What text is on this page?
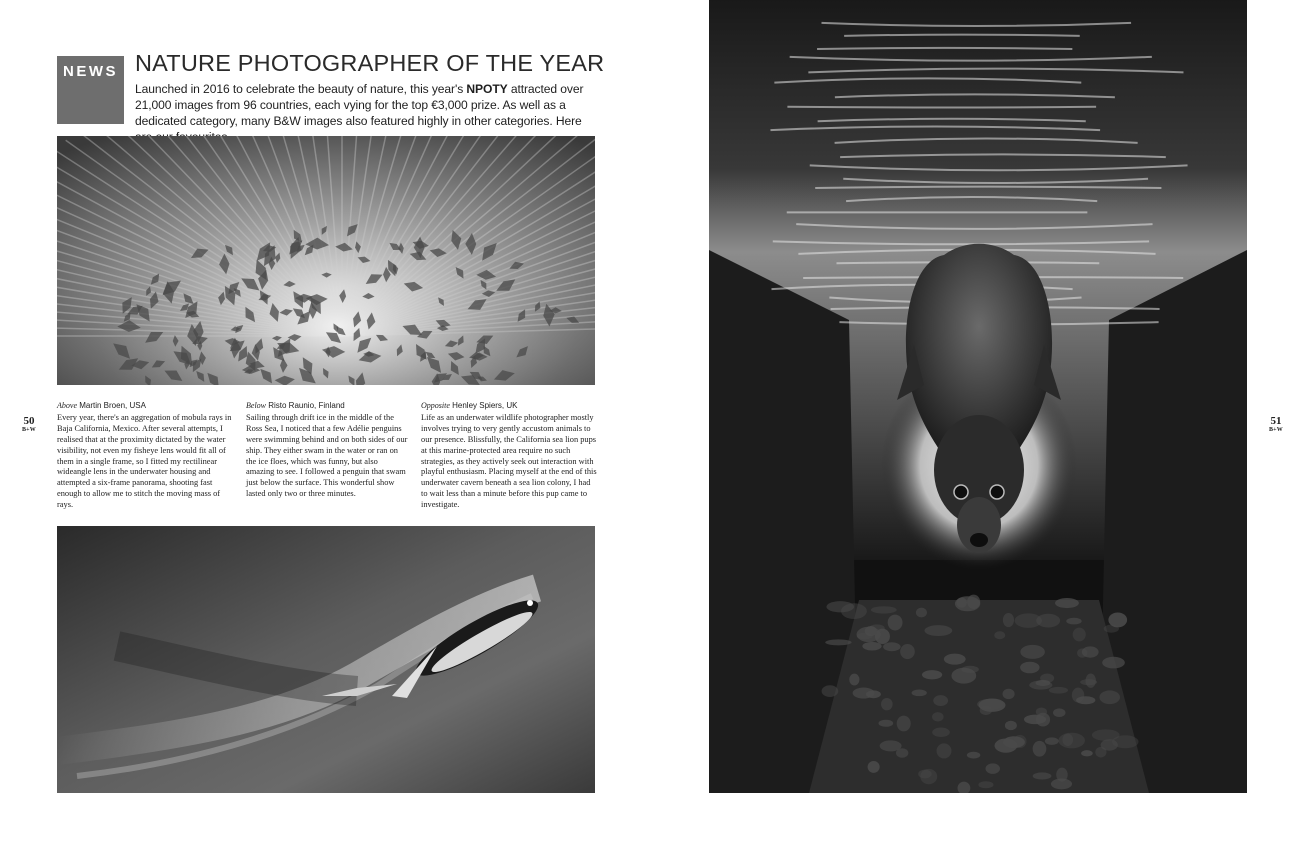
NEWS NATURE PHOTOGRAPHER OF THE YEAR
Launched in 2016 to celebrate the beauty of nature, this year's NPOTY attracted over 21,000 images from 96 countries, each vying for the top €3,000 prize. As well as a dedicated category, many B&W images also featured highly in other categories. Here
Above Martin Broen, USA
Every year, there's an aggregation of mobula rays in Baja California, Mexico. After several attempts, I realised that at the proximity dictated by the water visibility, not even my fisheye lens would fit all of them in a single frame, so I fitted my rectilinear wideangle lens in the underwater housing and attempted a six-frame panorama, shooting fast enough to allow me to stitch the moving mass of rays.
Below Risto Raunio, Finland
Sailing through drift ice in the middle of the Ross Sea, I noticed that a few Adélie penguins were swimming behind and on both sides of our ship. They either swam in the water or ran on the ice floes, which was funny, but also amazing to see. I followed a penguin that swam just below the surface. This wonderful show lasted only two or three minutes.
Opposite Henley Spiers, UK
Life as an underwater wildlife photographer mostly involves trying to very gently accustom animals to our presence. Blissfully, the California sea lion pups at this marine-protected area require no such strategies, as they actively seek out interaction with playful enthusiasm. Placing myself at the end of this underwater cavern beneath a sea lion colony, I had to wait less than a minute before this pup came to investigate.
50
B+W
51
B+W
